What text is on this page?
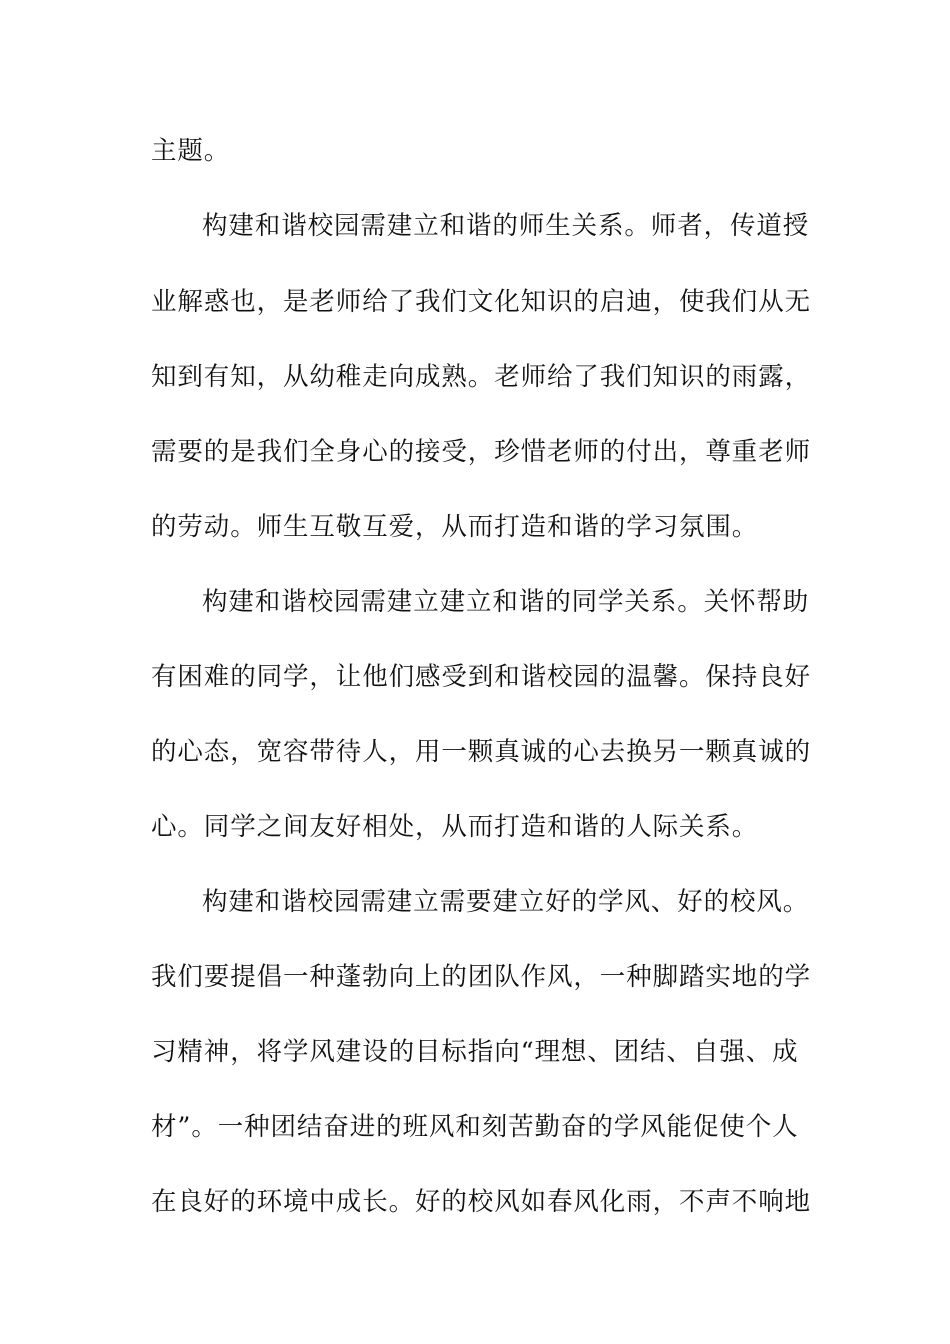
主题。

构建和谐校园需建立和谐的师生关系。师者，传道授

业解惑也，是老师给了我们文化知识的启迪，使我们从无

知到有知，从幼稚走向成熟。老师给了我们知识的雨露，

需要的是我们全身心的接受，珍惜老师的付出，尊重老师

的劳动。师生互敬互爱，从而打造和谐的学习氛围。

构建和谐校园需建立建立和谐的同学关系。关怀帮助

有困难的同学，让他们感受到和谐校园的温馨。保持良好

的心态，宽容带待人，用一颗真诚的心去换另一颗真诚的

心。同学之间友好相处，从而打造和谐的人际关系。

构建和谐校园需建立需要建立好的学风、好的校风。

我们要提倡一种蓬勃向上的团队作风，一种脚踏实地的学

习精神，将学风建设的目标指向“理想、团结、自强、成

材”。一种团结奋进的班风和刻苦勤奋的学风能促使个人

在良好的环境中成长。好的校风如春风化雨，不声不响地
